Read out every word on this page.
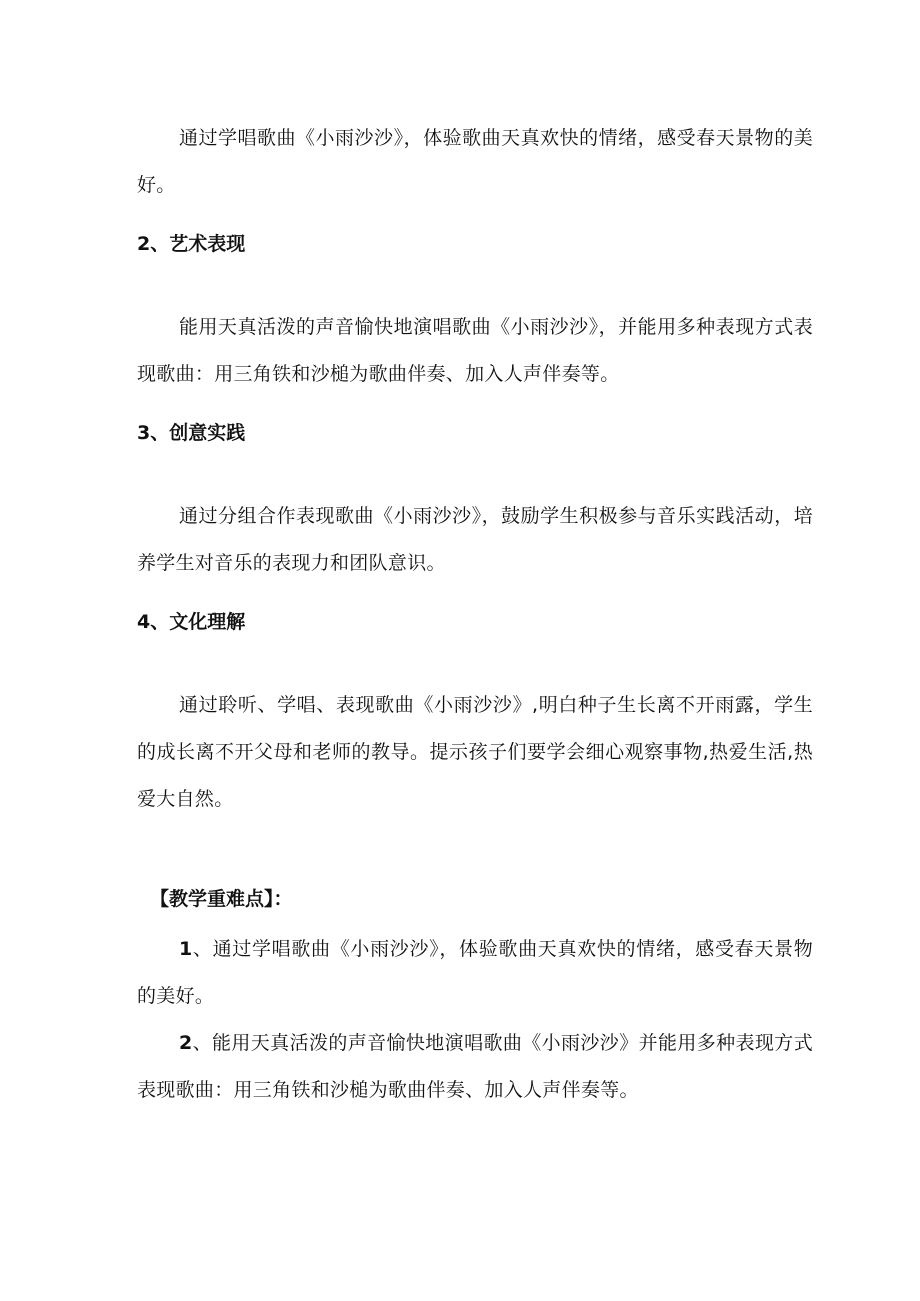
通过学唱歌曲《小雨沙沙》，体验歌曲天真欢快的情绪，感受春天景物的美好。

2、艺术表现

能用天真活泼的声音愉快地演唱歌曲《小雨沙沙》，并能用多种表现方式表现歌曲：用三角铁和沙槌为歌曲伴奏、加入人声伴奏等。

3、创意实践

通过分组合作表现歌曲《小雨沙沙》，鼓励学生积极参与音乐实践活动，培养学生对音乐的表现力和团队意识。

4、文化理解

通过聆听、学唱、表现歌曲《小雨沙沙》,明白种子生长离不开雨露，学生的成长离不开父母和老师的教导。提示孩子们要学会细心观察事物,热爱生活,热爱大自然。

【教学重难点】：

1、通过学唱歌曲《小雨沙沙》，体验歌曲天真欢快的情绪，感受春天景物的美好。

2、能用天真活泼的声音愉快地演唱歌曲《小雨沙沙》并能用多种表现方式表现歌曲：用三角铁和沙槌为歌曲伴奏、加入人声伴奏等。
